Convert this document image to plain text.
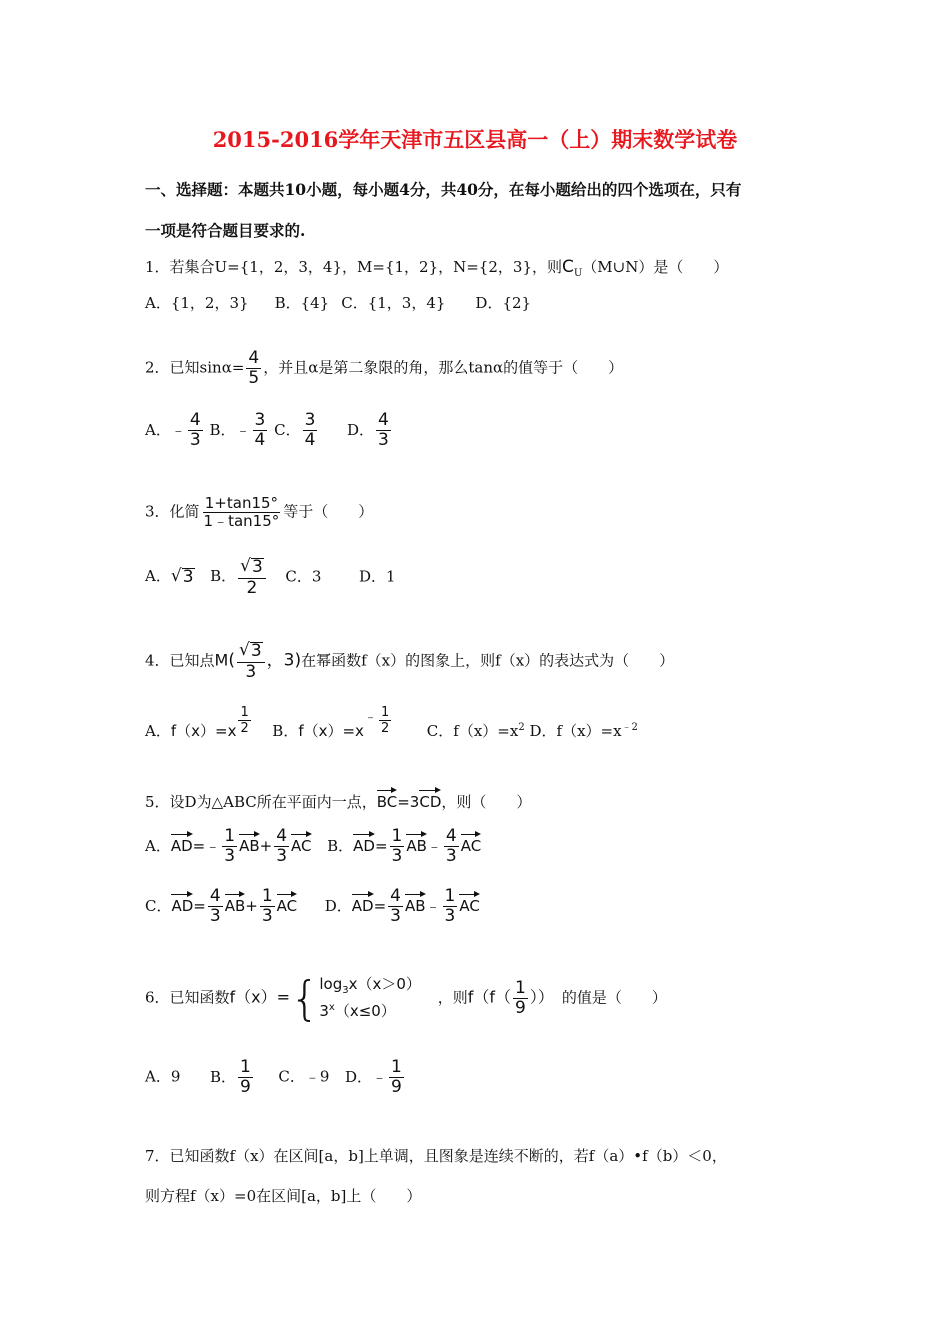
2015-2016学年天津市五区县高一（上）期末数学试卷
一、选择题：本题共10小题，每小题4分，共40分，在每小题给出的四个选项在，只有
一项是符合题目要求的.
1．若集合U={1，2，3，4}，M={1，2}，N={2，3}，则$C_U(M\cup N)$是（　　）
A．{1，2，3} B．{4} C．{1，3，4} D．{2}
2．已知$\sin\alpha= \frac{4}{5}$ ，并且α是第二象限的角，那么tanα的值等于（　　）
A．﹣ $\frac{4}{3}$ B．﹣ $\frac{3}{4}$ C． $\frac{3}{4}$ D． $\frac{4}{3}$
3．化简 $\frac{1+\tan 15^\circ}{1﹣\tan 15^\circ}$ 等于（　　）
A． √ 3 B． $\frac{√ 3}{2}$ C．3	D．1
4．已知点$M( \frac{√ 3}{3}$ ，3)在幂函数f（x）的图象上，则f（x）的表达式为（　　）
A．$f(x)=x \frac{1}{2}$ B．f（x）=x﹣ $\frac{1}{2}$ C．$f(x)=x^2$ D．$f(x)=x^{﹣2}$
5．设D为△ABC所在平面内一点，BC=3CD，则（　　）
A．AD=﹣ $\frac{1}{3} AB+ \frac{4}{3}$ AC B．$AD= \frac{1}{3}$ AB﹣ $\frac{4}{3}$ AC
C．$AD= \frac{4}{3} AB+ \frac{1}{3}$ AC D．$AD= \frac{4}{3}$ AB﹣ $\frac{1}{3}$ AC
6．已知函数f（x）={ $\log_3x(x>0)$
$3^x(x\le 0)$
，则$f(f( \frac{1}{9}$ ）） 的值是（　　）
A．9 B． $\frac{1}{9}$ C．﹣9 D．﹣ $\frac{1}{9}$
7．已知函数f（x）在区间[a，b]上单调，且图象是连续不断的，若f（a）•f（b）＜0，
则方程f（x）=0在区间[a，b]上（　　）
